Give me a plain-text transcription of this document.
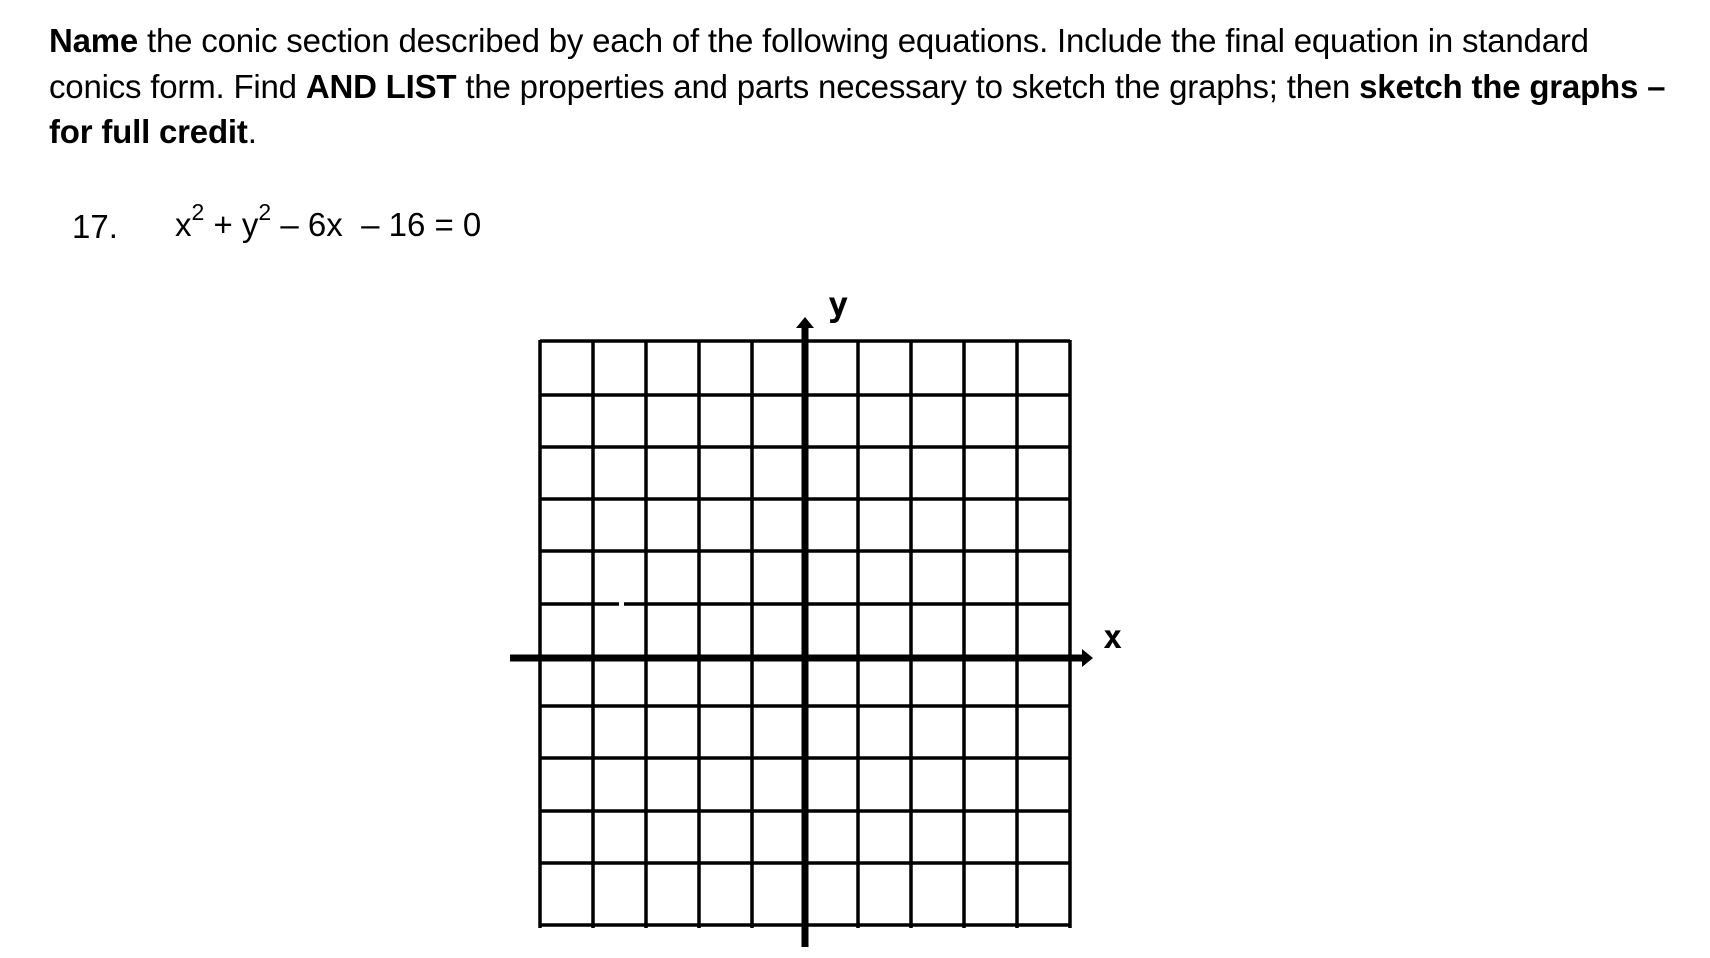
Name the conic section described by each of the following equations. Include the final equation in standard conics form. Find AND LIST the properties and parts necessary to sketch the graphs; then sketch the graphs – for full credit.
17. $x^2 + y^2 - 6x - 16 = 0$
y
x
